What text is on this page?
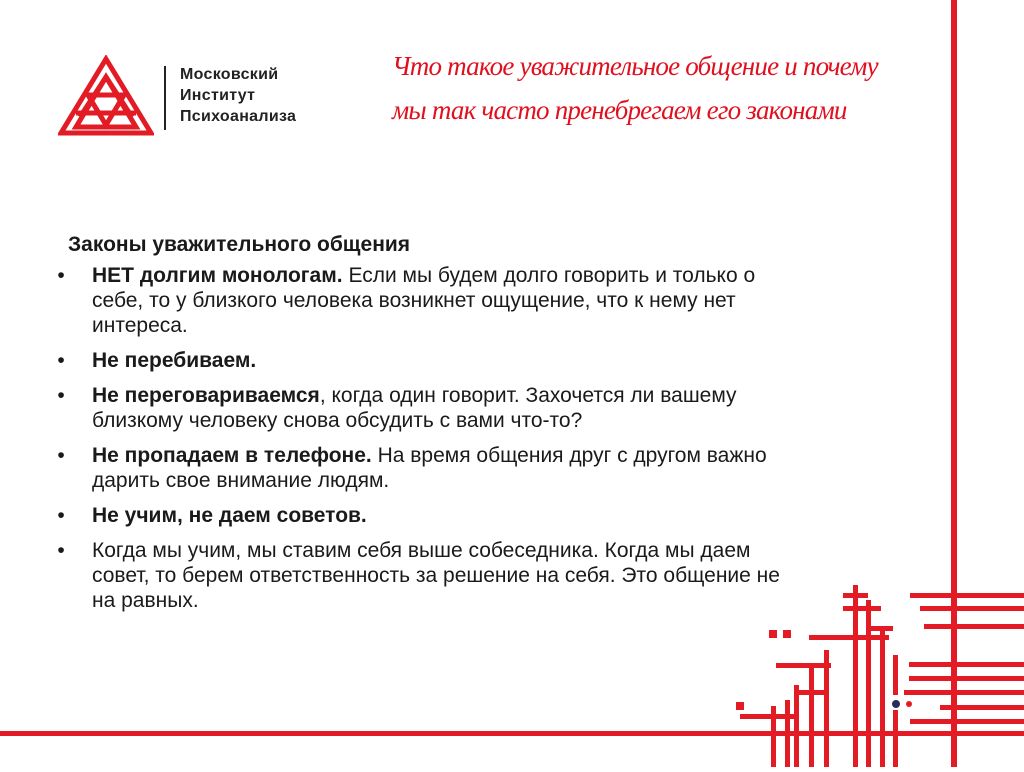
Московский
Институт
Психоанализа
Что такое уважительное общение и почему
мы так часто пренебрегаем его законами
Законы уважительного общения
• НЕТ долгим монологам. Если мы будем долго говорить и только о себе, то у близкого человека возникнет ощущение, что к нему нет интереса.
• Не перебиваем.
• Не переговариваемся, когда один говорит. Захочется ли вашему близкому человеку снова обсудить с вами что-то?
• Не пропадаем в телефоне. На время общения друг с другом важно дарить свое внимание людям.
• Не учим, не даем советов.
• Когда мы учим, мы ставим себя выше собеседника. Когда мы даем совет, то берем ответственность за решение на себя. Это общение не на равных.
